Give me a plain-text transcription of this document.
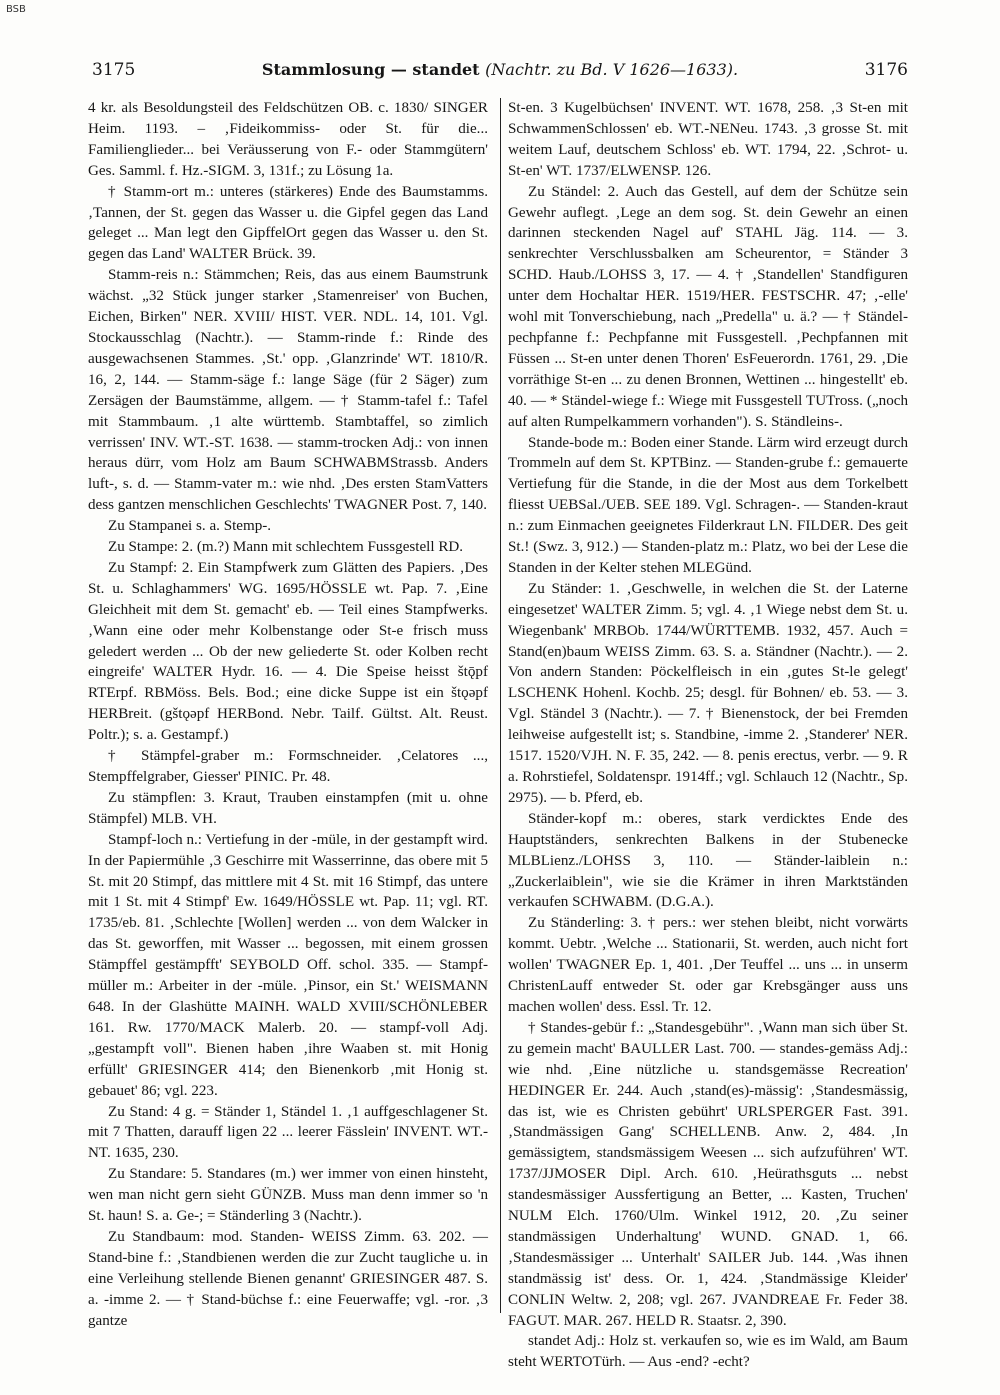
BSB
3175	Stammlosung — standet (Nachtr. zu Bd. V 1626—1633).	3176

4 kr. als Besoldungsteil des Feldschützen OB. c. 1830/ SINGER Heim. 1193. – ‚Fideikommiss- oder St. für die... Familienglieder... bei Veräusserung von F.- oder Stammgütern' Ges. Samml. f. Hz.-SIGM. 3, 131f.; zu Lösung 1a.

† Stamm-ort m.: unteres (stärkeres) Ende des Baumstamms. ‚Tannen, der St. gegen das Wasser u. die Gipfel gegen das Land geleget ... Man legt den GipffelOrt gegen das Wasser u. den St. gegen das Land' WALTER Brück. 39.

Stamm-reis n.: Stämmchen; Reis, das aus einem Baumstrunk wächst. „32 Stück junger starker ‚Stamenreiser' von Buchen, Eichen, Birken" NER. XVIII/ HIST. VER. NDL. 14, 101. Vgl. Stockausschlag (Nachtr.). — Stamm-rinde f.: Rinde des ausgewachsenen Stammes. ‚St.' opp. ‚Glanzrinde' WT. 1810/R. 16, 2, 144. — Stamm-säge f.: lange Säge (für 2 Säger) zum Zersägen der Baumstämme, allgem. — † Stamm-tafel f.: Tafel mit Stammbaum. ‚1 alte württemb. Stambtaffel, so zimlich verrissen' INV. WT.-ST. 1638. — stamm-trocken Adj.: von innen heraus dürr, vom Holz am Baum SCHWABMStrassb. Anders luft-, s. d. — Stamm-vater m.: wie nhd. ‚Des ersten StamVatters dess gantzen menschlichen Geschlechts' TWAGNER Post. 7, 140.

Zu Stampanei s. a. Stemp-.

Zu Stampe: 2. (m.?) Mann mit schlechtem Fussgestell RD.

Zu Stampf: 2. Ein Stampfwerk zum Glätten des Papiers. ‚Des St. u. Schlaghammers' WG. 1695/HÖSSLE wt. Pap. 7. ‚Eine Gleichheit mit dem St. gemacht' eb. — Teil eines Stampfwerks. ‚Wann eine oder mehr Kolbenstange oder St-e frisch muss geledert werden ... Ob der new geliederte St. oder Kolben recht eingreife' WALTER Hydr. 16. — 4. Die Speise heisst štǭpf RTErpf. RBMöss. Bels. Bod.; eine dicke Suppe ist ein štǫəpf HERBreit. (gštǫəpf HERBond. Nebr. Tailf. Gültst. Alt. Reust. Poltr.); s. a. Gestampf.)

† Stämpfel-graber m.: Formschneider. ‚Celatores ..., Stempffelgraber, Giesser' PINIC. Pr. 48.

Zu stämpflen: 3. Kraut, Trauben einstampfen (mit u. ohne Stämpfel) MLB. VH.

Stampf-loch n.: Vertiefung in der -müle, in der gestampft wird. In der Papiermühle ‚3 Geschirre mit Wasserrinne, das obere mit 5 St. mit 20 Stimpf, das mittlere mit 4 St. mit 16 Stimpf, das untere mit 1 St. mit 4 Stimpf' Ew. 1649/HÖSSLE wt. Pap. 11; vgl. RT. 1735/eb. 81. ‚Schlechte [Wollen] werden ... von dem Walcker in das St. geworffen, mit Wasser ... begossen, mit einem grossen Stämpffel gestämpfft' SEYBOLD Off. schol. 335. — Stampf-müller m.: Arbeiter in der -müle. ‚Pinsor, ein St.' WEISMANN 648. In der Glashütte MAINH. WALD XVIII/SCHÖNLEBER 161. Rw. 1770/MACK Malerb. 20. — stampf-voll Adj. „gestampft voll". Bienen haben ‚ihre Waaben st. mit Honig erfüllt' GRIESINGER 414; den Bienenkorb ‚mit Honig st. gebauet' 86; vgl. 223.

Zu Stand: 4 g. = Ständer 1, Ständel 1. ‚1 auffgeschlagener St. mit 7 Thatten, darauff ligen 22 ... leerer Fässlein' INVENT. WT.-NT. 1635, 230.

Zu Standare: 5. Standares (m.) wer immer von einen hinsteht, wen man nicht gern sieht GÜNZB. Muss man denn immer so 'n St. haun! S. a. Ge-; = Ständerling 3 (Nachtr.).

Zu Standbaum: mod. Standen- WEISS Zimm. 63. 202. — Stand-bine f.: ‚Standbienen werden die zur Zucht taugliche u. in eine Verleihung stellende Bienen genannt' GRIESINGER 487. S. a. -imme 2. — † Stand-büchse f.: eine Feuerwaffe; vgl. -ror. ‚3 gantze

St-en. 3 Kugelbüchsen' INVENT. WT. 1678, 258. ‚3 St-en mit SchwammenSchlossen' eb. WT.-NENeu. 1743. ‚3 grosse St. mit weitem Lauf, deutschem Schloss' eb. WT. 1794, 22. ‚Schrot- u. St-en' WT. 1737/ELWENSP. 126.

Zu Ständel: 2. Auch das Gestell, auf dem der Schütze sein Gewehr auflegt. ‚Lege an dem sog. St. dein Gewehr an einen darinnen steckenden Nagel auf' STAHL Jäg. 114. — 3. senkrechter Verschlussbalken am Scheurentor, = Ständer 3 SCHD. Haub./LOHSS 3, 17. — 4. † ‚Standellen' Standfiguren unter dem Hochaltar HER. 1519/HER. FESTSCHR. 47; ‚-elle' wohl mit Tonverschiebung, nach „Predella" u. ä.? — † Ständel-pechpfanne f.: Pechpfanne mit Fussgestell. ‚Pechpfannen mit Füssen ... St-en unter denen Thoren' EsFeuerordn. 1761, 29. ‚Die vorräthige St-en ... zu denen Bronnen, Wettinen ... hingestellt' eb. 40. — * Ständel-wiege f.: Wiege mit Fussgestell TUTross. („noch auf alten Rumpelkammern vorhanden"). S. Ständleins-.

Stande-bode m.: Boden einer Stande. Lärm wird erzeugt durch Trommeln auf dem St. KPTBinz. — Standen-grube f.: gemauerte Vertiefung für die Stande, in die der Most aus dem Torkelbett fliesst UEBSal./UEB. SEE 189. Vgl. Schragen-. — Standen-kraut n.: zum Einmachen geeignetes Filderkraut LN. FILDER. Des geit St.! (Swz. 3, 912.) — Standen-platz m.: Platz, wo bei der Lese die Standen in der Kelter stehen MLEGünd.

Zu Ständer: 1. ‚Geschwelle, in welchen die St. der Laterne eingesetzet' WALTER Zimm. 5; vgl. 4. ‚1 Wiege nebst dem St. u. Wiegenbank' MRBOb. 1744/WÜRTTEMB. 1932, 457. Auch = Stand(en)baum WEISS Zimm. 63. S. a. Ständner (Nachtr.). — 2. Von andern Standen: Pöckelfleisch in ein ‚gutes St-le gelegt' LSCHENK Hohenl. Kochb. 25; desgl. für Bohnen/ eb. 53. — 3. Vgl. Ständel 3 (Nachtr.). — 7. † Bienenstock, der bei Fremden leihweise aufgestellt ist; s. Standbine, -imme 2. ‚Standerer' NER. 1517. 1520/VJH. N. F. 35, 242. — 8. penis erectus, verbr. — 9. R a. Rohrstiefel, Soldatenspr. 1914ff.; vgl. Schlauch 12 (Nachtr., Sp. 2975). — b. Pferd, eb.

Ständer-kopf m.: oberes, stark verdicktes Ende des Hauptständers, senkrechten Balkens in der Stubenecke MLBLienz./LOHSS 3, 110. — Ständer-laiblein n.: „Zuckerlaiblein", wie sie die Krämer in ihren Marktständen verkaufen SCHWABM. (D.G.A.).

Zu Ständerling: 3. † pers.: wer stehen bleibt, nicht vorwärts kommt. Uebtr. ‚Welche ... Stationarii, St. werden, auch nicht fort wollen' TWAGNER Ep. 1, 401. ‚Der Teuffel ... uns ... in unserm ChristenLauff entweder St. oder gar Krebsgänger auss uns machen wollen' dess. Essl. Tr. 12.

† Standes-gebür f.: „Standesgebühr". ‚Wann man sich über St. zu gemein macht' BAULLER Last. 700. — standes-gemäss Adj.: wie nhd. ‚Eine nützliche u. standsgemässe Recreation' HEDINGER Er. 244. Auch ‚stand(es)-mässig': ‚Standesmässig, das ist, wie es Christen gebührt' URLSPERGER Fast. 391. ‚Standmässigen Gang' SCHELLENB. Anw. 2, 484. ‚In gemässigtem, standsmässigem Weesen ... sich aufzuführen' WT. 1737/JJMOSER Dipl. Arch. 610. ‚Heürathsguts ... nebst standesmässiger Aussfertigung an Better, ... Kasten, Truchen' NULM Elch. 1760/Ulm. Winkel 1912, 20. ‚Zu seiner standmässigen Underhaltung' WUND. GNAD. 1, 66. ‚Standesmässiger ... Unterhalt' SAILER Jub. 144. ‚Was ihnen standmässig ist' dess. Or. 1, 424. ‚Standmässige Kleider' CONLIN Weltw. 2, 208; vgl. 267. JVANDREAE Fr. Feder 38. FAGUT. MAR. 267. HELD R. Staatsr. 2, 390.

standet Adj.: Holz st. verkaufen so, wie es im Wald, am Baum steht WERTOTürh. — Aus -end? -echt?
